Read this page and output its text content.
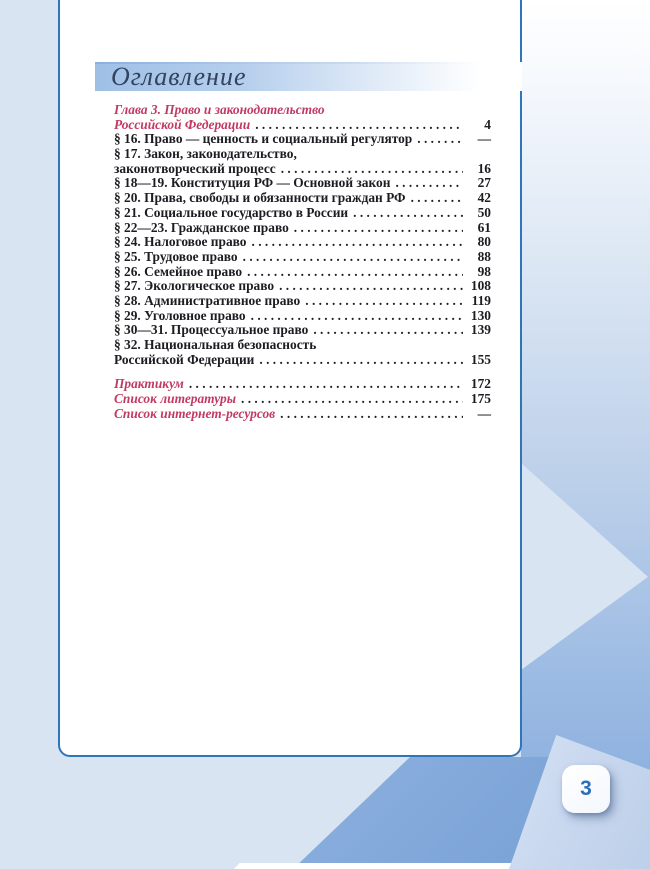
Оглавление
Глава 3. Право и законодательство
Российской Федерации . . .	4
§ 16. Право — ценность и социальный регулятор . . .	—
§ 17. Закон, законодательство,
законотворческий процесс . . .	16
§ 18—19. Конституция РФ — Основной закон . . .	27
§ 20. Права, свободы и обязанности граждан РФ . . .	42
§ 21. Социальное государство в России . . .	50
§ 22—23. Гражданское право . . .	61
§ 24. Налоговое право . . .	80
§ 25. Трудовое право . . .	88
§ 26. Семейное право . . .	98
§ 27. Экологическое право . . .	108
§ 28. Административное право . . .	119
§ 29. Уголовное право . . .	130
§ 30—31. Процессуальное право . . .	139
§ 32. Национальная безопасность
Российской Федерации . . .	155
Практикум . . .	172
Список литературы . . .	175
Список интернет-ресурсов . . .	—
3
